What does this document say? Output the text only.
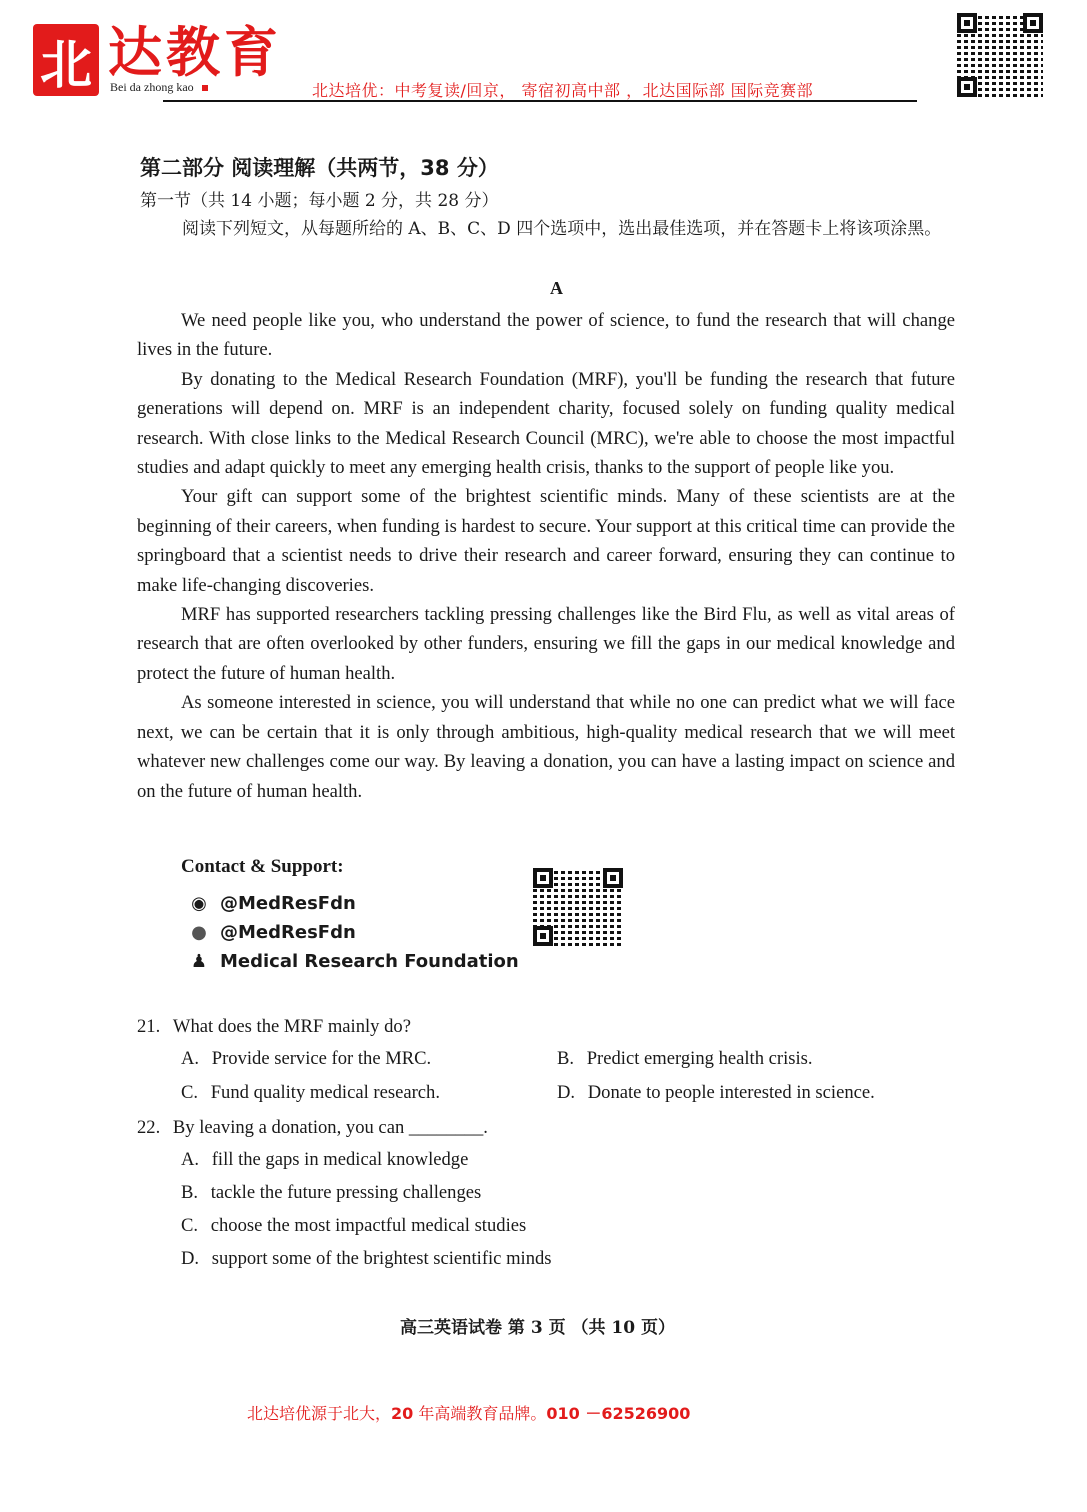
北 达教育
Bei da zhong kao	北达培优：中考复读/回京， 寄宿初高中部 ，北达国际部 国际竞赛部
第二部分 阅读理解（共两节，38 分）
第一节（共 14 小题；每小题 2 分，共 28 分）
阅读下列短文，从每题所给的 A、B、C、D 四个选项中，选出最佳选项，并在答题卡上将该项涂黑。
A

We need people like you, who understand the power of science, to fund the research that will change lives in the future.

By donating to the Medical Research Foundation (MRF), you'll be funding the research that future generations will depend on. MRF is an independent charity, focused solely on funding quality medical research. With close links to the Medical Research Council (MRC), we're able to choose the most impactful studies and adapt quickly to meet any emerging health crisis, thanks to the support of people like you.

Your gift can support some of the brightest scientific minds. Many of these scientists are at the beginning of their careers, when funding is hardest to secure. Your support at this critical time can provide the springboard that a scientist needs to drive their research and career forward, ensuring they can continue to make life-changing discoveries.

MRF has supported researchers tackling pressing challenges like the Bird Flu, as well as vital areas of research that are often overlooked by other funders, ensuring we fill the gaps in our medical knowledge and protect the future of human health.

As someone interested in science, you will understand that while no one can predict what we will face next, we can be certain that it is only through ambitious, high-quality medical research that we will meet whatever new challenges come our way. By leaving a donation, you can have a lasting impact on science and on the future of human health.

Contact & Support:
◉ @MedResFdn
● @MedResFdn
♟ Medical Research Foundation
21. What does the MRF mainly do?
A. Provide service for the MRC.	B. Predict emerging health crisis.
C. Fund quality medical research.	D. Donate to people interested in science.
22. By leaving a donation, you can ________.
A. fill the gaps in medical knowledge
B. tackle the future pressing challenges
C. choose the most impactful medical studies
D. support some of the brightest scientific minds
高三英语试卷 第 3 页 （共 10 页）
北达培优源于北大，20 年高端教育品牌。010 －62526900
